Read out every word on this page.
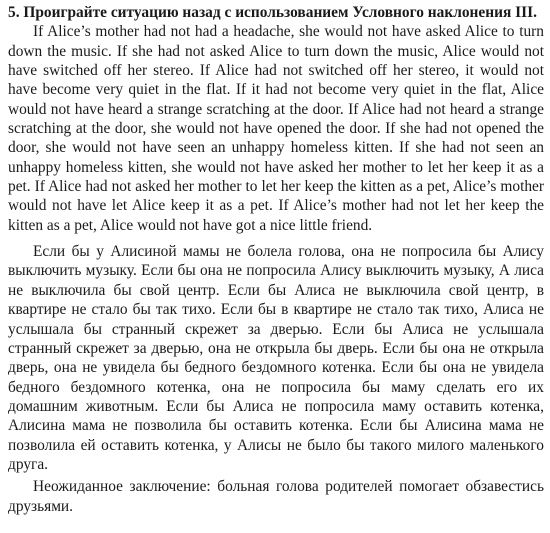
5. Проиграйте ситуацию назад с использованием Условного наклонения III.

If Alice’s mother had not had a headache, she would not have asked Alice to turn down the music. If she had not asked Alice to turn down the music, Alice would not have switched off her stereo. If Alice had not switched off her stereo, it would not have become very quiet in the flat. If it had not become very quiet in the flat, Alice would not have heard a strange scratching at the door. If Alice had not heard a strange scratching at the door, she would not have opened the door. If she had not opened the door, she would not have seen an unhappy homeless kitten. If she had not seen an unhappy homeless kitten, she would not have asked her mother to let her keep it as a pet. If Alice had not asked her mother to let her keep the kitten as a pet, Alice’s mother would not have let Alice keep it as a pet. If Alice’s mother had not let her keep the kitten as a pet, Alice would not have got a nice little friend.

Если бы у Алисиной мамы не болела голова, она не попросила бы Алису выключить музыку. Если бы она не попросила Алису выключить музыку, А лиса не выключила бы свой центр. Если бы Алиса не выключила свой центр, в квартире не стало бы так тихо. Если бы в квартире не стало так тихо, Алиса не услышала бы странный скрежет за дверью. Если бы Алиса не услышала странный скрежет за дверью, она не открыла бы дверь. Если бы она не открыла дверь, она не увидела бы бедного бездомного котенка. Если бы она не увидела бедного бездомного котенка, она не попросила бы маму сделать его их домашним животным. Если бы Алиса не попросила маму оставить котенка, Алисина мама не позволила бы оставить котенка. Если бы Алисина мама не позволила ей оставить котенка, у Алисы не было бы такого милого маленького друга.

Неожиданное заключение: больная голова родителей помогает обзавестись друзьями.
